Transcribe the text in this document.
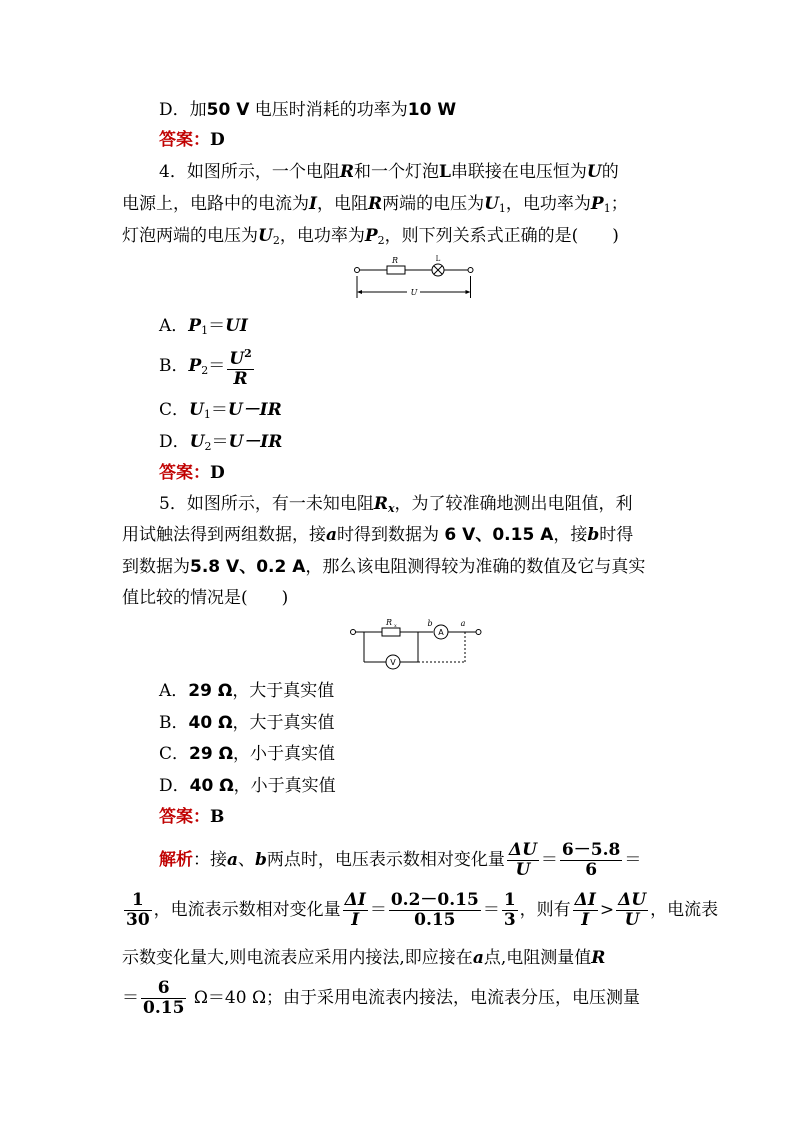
D．加50 V 电压时消耗的功率为10 W
答案：D
4．如图所示，一个电阻R和一个灯泡L串联接在电压恒为U的
电源上，电路中的电流为I，电阻R两端的电压为$U_1$，电功率为$P_1$；
灯泡两端的电压为$U_2$，电功率为$P_2$，则下列关系式正确的是(　　)
R	L
U
A．$P_1=UI$
B．$P_2= \frac{U^2}{R}$
C．$U_1=U-IR$
D．$U_2=U-IR$
答案：D
5．如图所示，有一未知电阻$R_x$，为了较准确地测出电阻值，利
用试触法得到两组数据，接a时得到数据为 6 V、0.15 A，接b时得
到数据为5.8 V、0.2 A，那么该电阻测得较为准确的数值及它与真实
值比较的情况是(　　)
R x	b
A
a
V
A．29 Ω，大于真实值
B．40 Ω，大于真实值
C．29 Ω，小于真实值
D．40 Ω，小于真实值
答案：B
解析：接a、b两点时，电压表示数相对变化量 $\frac{\Delta U}{U} = \frac{6-5.8}{6}$ ＝
$\frac{1}{30}$ ，电流表示数相对变化量 $\frac{\Delta I}{I} = \frac{0.2-0.15}{0.15} = \frac{1}{3}$ ，则有 $\frac{\Delta I}{I} > \frac{\Delta U}{U}$ ，电流表
示数变化量大,则电流表应采用内接法,即应接在a点,电阻测量值R
＝ $\frac{6}{0.15} \Omega=40$ Ω；由于采用电流表内接法，电流表分压，电压测量
